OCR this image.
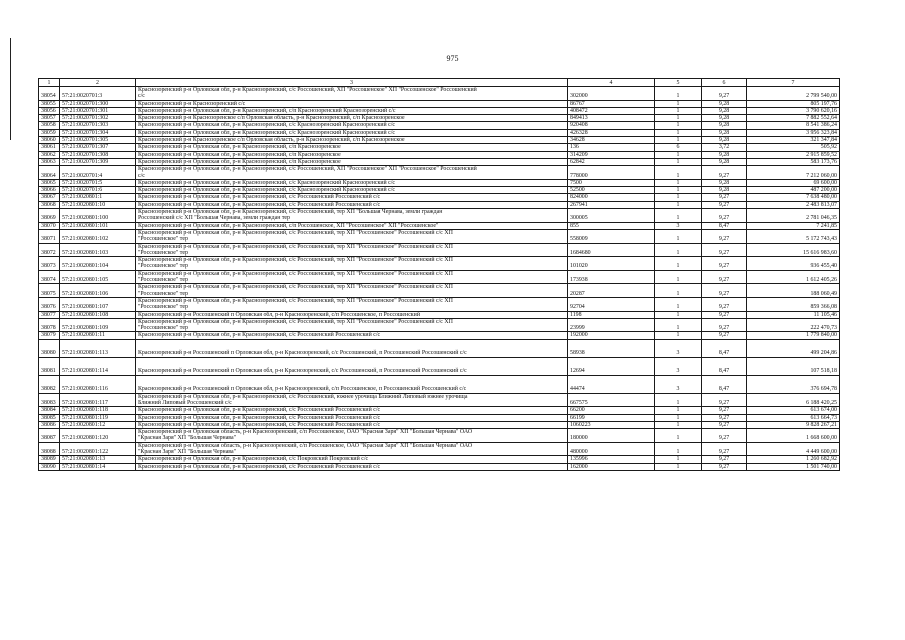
975
1	2	3	4	5	6	7
38054	57:21:0020701:3	Краснозоренский р-н Орловская обл, р-н Краснозоренский, с/с Россошенский, ХП "Россошенское" ХП "Россошенское" Россошенский
с/с	302000	1	9,27	2 799 540,00
38055	57:21:0020701:300	Краснозоренский р-н Краснозоренский с/с	86767	1	9,28	805 197,76
38056	57:21:0020701:301	Краснозоренский р-н Орловская обл, р-н Краснозоренский, с/п Краснозоренский Краснозоренский с/с	408472	1	9,28	3 790 620,16
38057	57:21:0020701:302	Краснозоренский р-н Краснозоренское с/п Орловская область, р-н Краснозоренский, с/п Краснозоренское	849413	1	9,28	7 882 552,64
38058	57:21:0020701:303	Краснозоренский р-н Орловская обл, р-н Краснозоренский, с/с Краснозоренский Краснозоренский с/с	920408	1	9,28	8 541 386,24
38059	57:21:0020701:304	Краснозоренский р-н Орловская обл, р-н Краснозоренский, с/с Краснозоренский Краснозоренский с/с	426328	1	9,28	3 956 323,84
38060	57:21:0020701:305	Краснозоренский р-н Краснозоренское с/п Орловская область, р-н Краснозоренский, с/п Краснозоренское	34628	1	9,28	321 347,84
38061	57:21:0020701:307	Краснозоренский р-н Орловская обл, р-н Краснозоренский, с/п Краснозоренское	136	6	3,72	505,92
38062	57:21:0020701:308	Краснозоренский р-н Орловская обл, р-н Краснозоренский, с/п Краснозоренское	314209	1	9,28	2 915 859,52
38063	57:21:0020701:309	Краснозоренский р-н Орловская обл, р-н Краснозоренский, с/п Краснозоренское	62842	1	9,28	583 173,76
38064	57:21:0020701:4	Краснозоренский р-н Орловская обл, р-н Краснозоренский, с/с Россошенский, ХП "Россошенское" ХП "Россошенское" Россошенский
с/с	778000	1	9,27	7 212 060,00
38065	57:21:0020701:5	Краснозоренский р-н Орловская обл, р-н Краснозоренский, с/с Краснозоренский Краснозоренский с/с	7500	1	9,28	69 600,00
38066	57:21:0020701:6	Краснозоренский р-н Орловская обл, р-н Краснозоренский, с/с Краснозоренский Краснозоренский с/с	52500	1	9,28	487 200,00
38067	57:21:0020801:1	Краснозоренский р-н Орловская обл, р-н Краснозоренский, с/с Россошенский Россошенский с/с	824000	1	9,27	7 638 480,00
38068	57:21:0020801:10	Краснозоренский р-н Орловская обл, р-н Краснозоренский, с/с Россошенский Россошенский с/с	267941	1	9,27	2 483 813,07
38069	57:21:0020801:100	Краснозоренский р-н Орловская обл, р-н Краснозоренский, с/с Россошенский, тер ХП "Большая Чернава, земли граждан
Россошенский с/с ХП "Большая Чернава, земли граждан тер	300005	1	9,27	2 781 046,35
38070	57:21:0020801:101	Краснозоренский р-н Орловская обл, р-н Краснозоренский, с/п Россошенское, ХП "Россошенское" ХП "Россошенское"	855	3	8,47	7 241,85
38071	57:21:0020801:102	Краснозоренский р-н Орловская обл, р-н Краснозоренский, с/с Россошенский, тер ХП "Россошенское" Россошенский с/с ХП
"Россошенское" тер	558009	1	9,27	5 172 743,43
38072	57:21:0020801:103	Краснозоренский р-н Орловская обл, р-н Краснозоренский, с/с Россошенский, тер ХП "Россошенское" Россошенский с/с ХП
"Россошенское" тер	1684680	1	9,27	15 616 983,60
38073	57:21:0020801:104	Краснозоренский р-н Орловская обл, р-н Краснозоренский, с/с Россошенский, тер ХП "Россошенское" Россошенский с/с ХП
"Россошенское" тер	101020	1	9,27	936 455,40
38074	57:21:0020801:105	Краснозоренский р-н Орловская обл, р-н Краснозоренский, с/с Россошенский, тер ХП "Россошенское" Россошенский с/с ХП
"Россошенское" тер	173938	1	9,27	1 612 405,26
38075	57:21:0020801:106	Краснозоренский р-н Орловская обл, р-н Краснозоренский, с/с Россошенский, тер ХП "Россошенское" Россошенский с/с ХП
"Россошенское" тер	20287	1	9,27	188 060,49
38076	57:21:0020801:107	Краснозоренский р-н Орловская обл, р-н Краснозоренский, с/с Россошенский, тер ХП "Россошенское" Россошенский с/с ХП
"Россошенское" тер	92704	1	9,27	859 366,08
38077	57:21:0020801:108	Краснозоренский р-н Россошенский п Орловская обл, р-н Краснозоренский, с/п Россошенское, п Россошенский	1198	1	9,27	11 105,46
38078	57:21:0020801:109	Краснозоренский р-н Орловская обл, р-н Краснозоренский, с/с Россошенский, тер ХП "Россошенское" Россошенский с/с ХП
"Россошенское" тер	23999	1	9,27	222 470,73
38079	57:21:0020801:11	Краснозоренский р-н Орловская обл, р-н Краснозоренский, с/с Россошенский Россошенский с/с	192000	1	9,27	1 779 840,00
38080	57:21:0020801:113	Краснозоренский р-н Россошенский п Орловская обл, р-н Краснозоренский, с/с Россошенский, п Россошенский Россошенский с/с	58938	3	8,47	499 204,86
38081	57:21:0020801:114	Краснозоренский р-н Россошенский п Орловская обл, р-н Краснозоренский, с/с Россошенский, п Россошенский Россошенский с/с	12694	3	8,47	107 518,18
38082	57:21:0020801:116	Краснозоренский р-н Россошенский п Орловская обл, р-н Краснозоренский, с/п Россошенское, п Россошенский Россошенский с/с	44474	3	8,47	376 694,78
38083	57:21:0020801:117	Краснозоренский р-н Орловская обл, р-н Краснозоренский, с/с Россошенский, южнее урочища Ближний Липовый южнее урочища
Ближний Липовый Россошенский с/с	667575	1	9,27	6 188 420,25
38084	57:21:0020801:118	Краснозоренский р-н Орловская обл, р-н Краснозоренский, с/с Россошенский Россошенский с/с	66200	1	9,27	613 674,00
38085	57:21:0020801:119	Краснозоренский р-н Орловская обл, р-н Краснозоренский, с/с Россошенский Россошенский с/с	66199	1	9,27	613 664,73
38086	57:21:0020801:12	Краснозоренский р-н Орловская обл, р-н Краснозоренский, с/с Россошенский Россошенский с/с	1060223	1	9,27	9 828 267,21
38087	57:21:0020801:120	Краснозоренский р-н Орловская область, р-н Краснозоренский, с/п Россошенское, ОАО "Красная Заря" ХП "Большая Чернава" ОАО
"Красная Заря" ХП "Большая Чернава"	180000	1	9,27	1 668 600,00
38088	57:21:0020801:122	Краснозоренский р-н Орловская область, р-н Краснозоренский, с/п Россошенское, ОАО "Красная Заря" ХП "Большая Чернава" ОАО
"Красная Заря" ХП "Большая Чернава"	480000	1	9,27	4 449 600,00
38089	57:21:0020801:13	Краснозоренский р-н Орловская обл, р-н Краснозоренский, с/с Покровский Покровский с/с	135996	1	9,27	1 260 682,92
38090	57:21:0020801:14	Краснозоренский р-н Орловская обл, р-н Краснозоренский, с/с Россошенский Россошенский с/с	162000	1	9,27	1 501 740,00
